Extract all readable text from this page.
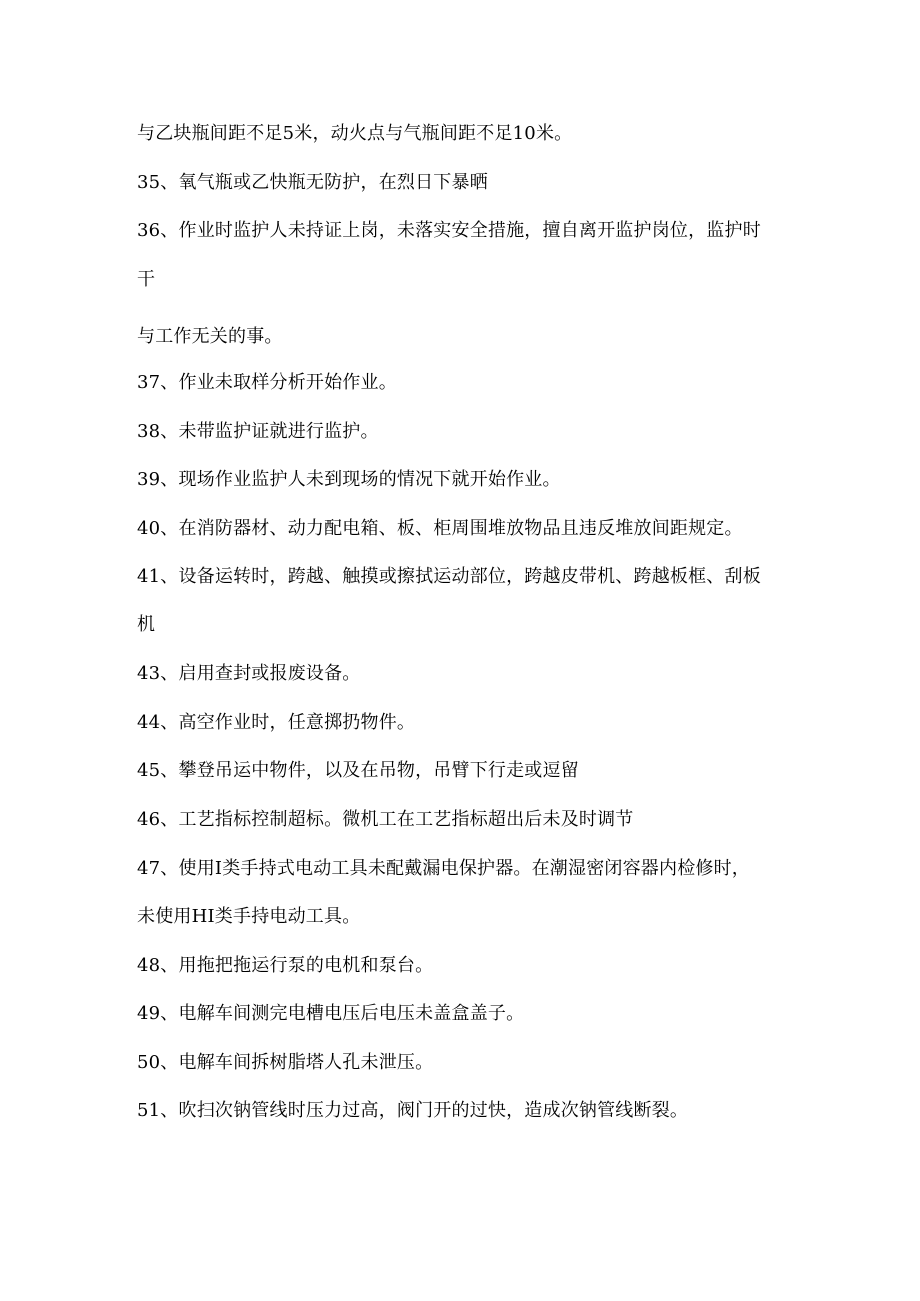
与乙块瓶间距不足5米，动火点与气瓶间距不足10米。
35、氧气瓶或乙快瓶无防护，在烈日下暴晒
36、作业时监护人未持证上岗，未落实安全措施，擅自离开监护岗位，监护时
干
与工作无关的事。
37、作业未取样分析开始作业。
38、未带监护证就进行监护。
39、现场作业监护人未到现场的情况下就开始作业。
40、在消防器材、动力配电箱、板、柜周围堆放物品且违反堆放间距规定。
41、设备运转时，跨越、触摸或擦拭运动部位，跨越皮带机、跨越板框、刮板
机
43、启用查封或报废设备。
44、高空作业时，任意掷扔物件。
45、攀登吊运中物件，以及在吊物，吊臂下行走或逗留
46、工艺指标控制超标。微机工在工艺指标超出后未及时调节
47、使用I类手持式电动工具未配戴漏电保护器。在潮湿密闭容器内检修时，
未使用HI类手持电动工具。
48、用拖把拖运行泵的电机和泵台。
49、电解车间测完电槽电压后电压未盖盒盖子。
50、电解车间拆树脂塔人孔未泄压。
51、吹扫次钠管线时压力过高，阀门开的过快，造成次钠管线断裂。
